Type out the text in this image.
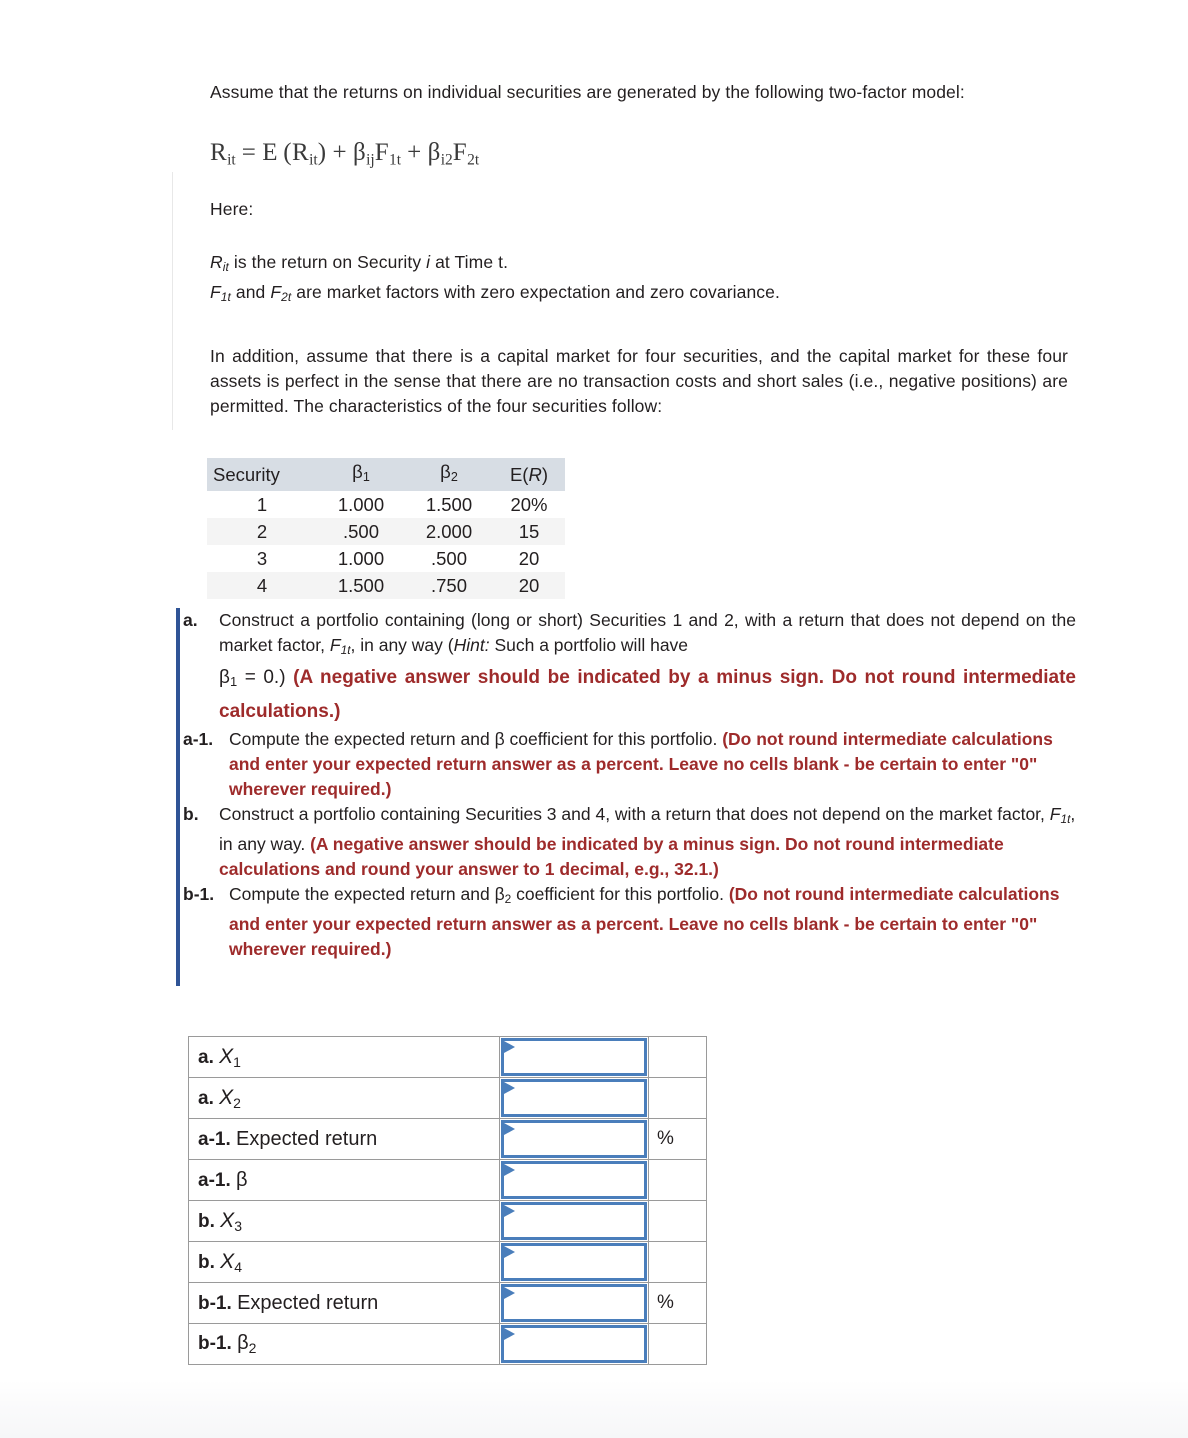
Assume that the returns on individual securities are generated by the following two-factor model:

$R_{it} = E$ $(R_{it}) + \beta_{ij}F_{1t} + \beta_{i2}F_{2t}$

Here:

Rit is the return on Security i at Time t.

F1t and F2t are market factors with zero expectation and zero covariance.

In addition, assume that there is a capital market for four securities, and the capital market for these four assets is perfect in the sense that there are no transaction costs and short sales (i.e., negative positions) are permitted. The characteristics of the four securities follow:

Security	$\beta_1$	$\beta_2$	E(R)
1	1.000	1.500	20%
2	.500	2.000	15
3	1.000	.500	20
4	1.500	.750	20
a.	Construct a portfolio containing (long or short) Securities 1 and 2, with a return that does not depend on the market factor, F1t, in any way (Hint: Such a portfolio will have
$\beta_1 = 0$.) (A negative answer should be indicated by a minus sign. Do not round intermediate calculations.)
a-1. Compute the expected return and β coefficient for this portfolio. (Do not round intermediate calculations and enter your expected return answer as a percent. Leave no cells blank - be certain to enter "0" wherever required.)
b.	Construct a portfolio containing Securities 3 and 4, with a return that does not depend on the market factor, F1t, in any way. (A negative answer should be indicated by a minus sign. Do not round intermediate calculations and round your answer to 1 decimal, e.g., 32.1.)
b-1. Compute the expected return and $\beta_2$ coefficient for this portfolio. (Do not round intermediate calculations and enter your expected return answer as a percent. Leave no cells blank - be certain to enter "0" wherever required.)
a. $X_1$	

a. $X_2$	

a-1. Expected return		%
a-1. β	

b. $X_3$	

b. $X_4$	

b-1. Expected return		%
b-1. $\beta_2$	
